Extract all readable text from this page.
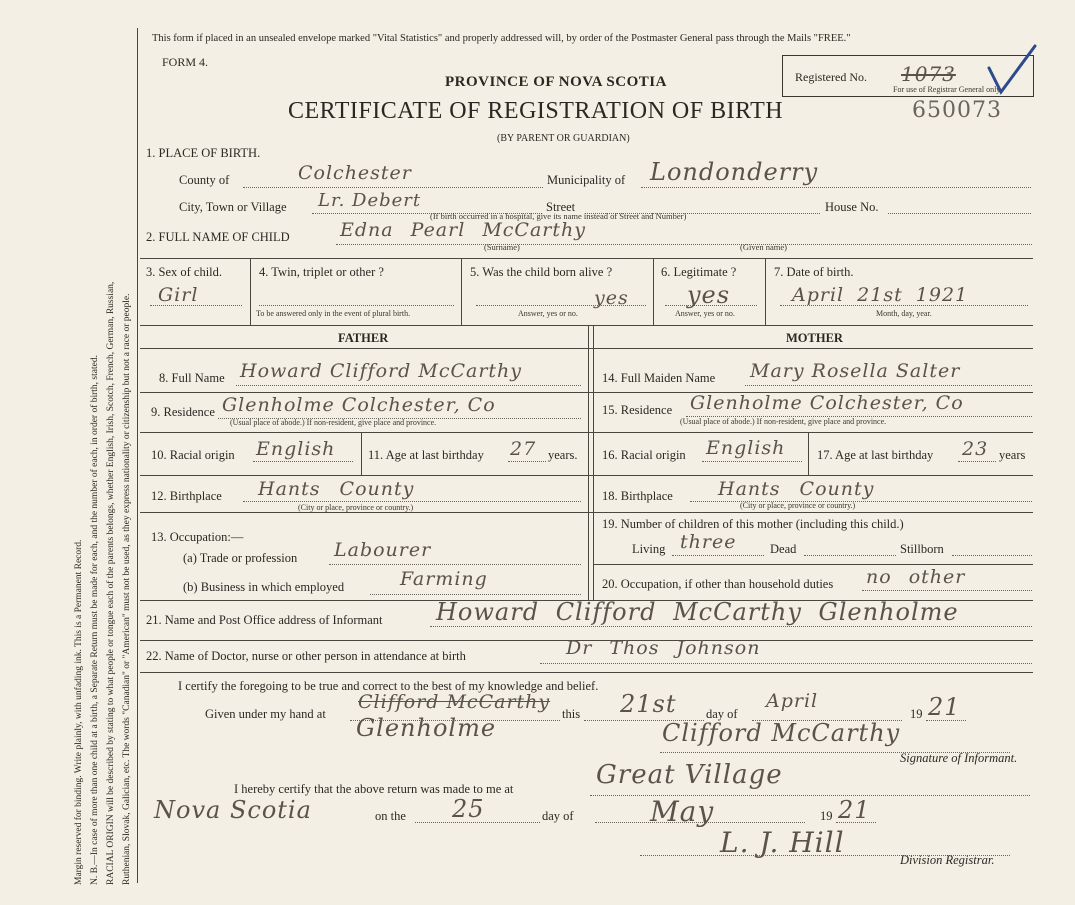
Margin reserved for binding. Write plainly, with unfading ink. This is a Permanent Record. N. B.—In case of more than one child at a birth, a Separate Return must be made for each, and the number of each, in order of birth, stated. RACIAL ORIGIN will be described by stating to what people or tongue each of the parents belongs, whether English, Irish, Scotch, French, German, Russian, Ruthenian, Slovak, Galician, etc. The words "Canadian" or "American" must not be used, as they express nationality or citizenship but not a race or people.
This form if placed in an unsealed envelope marked "Vital Statistics" and properly addressed will, by order of the Postmaster General pass through the Mails "FREE."
FORM 4.
PROVINCE OF NOVA SCOTIA
CERTIFICATE OF REGISTRATION OF BIRTH
(BY PARENT OR GUARDIAN)
Registered No. 1073
For use of Registrar General only.
650073
1. PLACE OF BIRTH.
County of	Colchester	Municipality of Londonderry
City, Town or Village Lr. Debert	Street	House No.
(If birth occurred in a hospital, give its name instead of Street and Number)
2. FULL NAME OF CHILD	Edna Pearl McCarthy
(Surname)	(Given name)
3. Sex of child.
Girl
4. Twin, triplet or other ?
To be answered only in the event of plural birth.
5. Was the child born alive ?
yes
Answer, yes or no.
6. Legitimate ?
yes
Answer, yes or no.
7. Date of birth.
April 21st 1921
Month, day, year.
FATHER	MOTHER
8. Full Name Howard Clifford McCarthy	14. Full Maiden Name Mary Rosella Salter
9. Residence Glenholme Colchester, Co
(Usual place of abode.) If non-resident, give place and province.
15. Residence Glenholme Colchester, Co
(Usual place of abode.) If non-resident, give place and province.
10. Racial origin English	11. Age at last birthday 27 years. 16. Racial origin English	17. Age at last birthday 23 years
12. Birthplace Hants County
(City or place, province or country.)
18. Birthplace Hants County
(City or place, province or country.)
13. Occupation:—
(a) Trade or profession Labourer
(b) Business in which employed	Farming
19. Number of children of this mother (including this child.)
Living three	Dead	Stillborn
20. Occupation, if other than household duties no other
21. Name and Post Office address of Informant Howard Clifford McCarthy Glenholme
22. Name of Doctor, nurse or other person in attendance at birth	Dr Thos Johnson
I certify the foregoing to be true and correct to the best of my knowledge and belief.
Given under my hand at
Clifford McCarthy
Glenholme	this 21st day of
April
19 21
Clifford McCarthy
Signature of Informant.
I hereby certify that the above return was made to me at	Great Village
Nova Scotia	on the 25	day of	May	19 21
L. J. Hill
Division Registrar.
